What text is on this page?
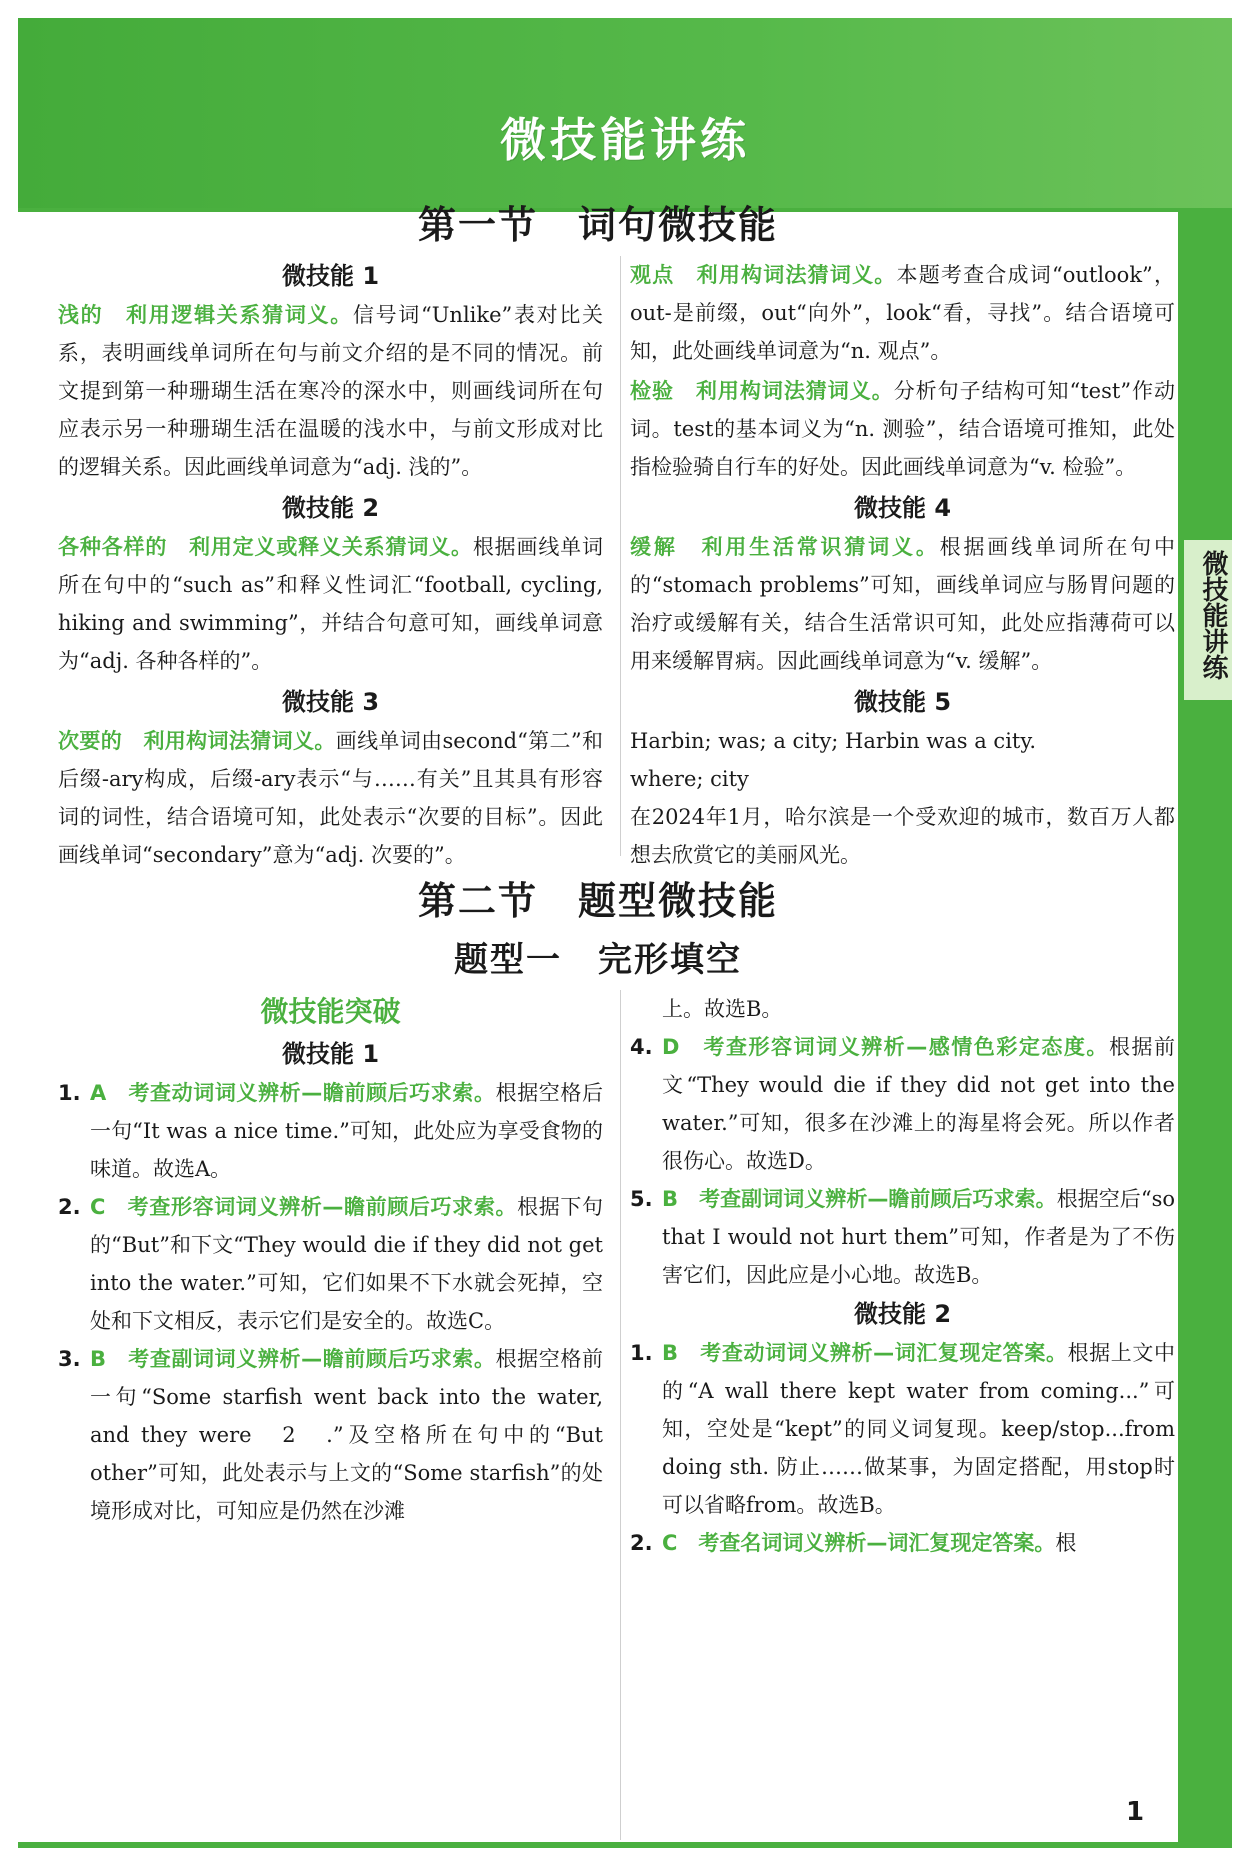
微技能讲练
微技能讲练
第一节　词句微技能
微技能 1
浅的　利用逻辑关系猜词义。信号词“Unlike”表对比关系，表明画线单词所在句与前文介绍的是不同的情况。前文提到第一种珊瑚生活在寒冷的深水中，则画线词所在句应表示另一种珊瑚生活在温暖的浅水中，与前文形成对比的逻辑关系。因此画线单词意为“adj. 浅的”。
微技能 2
各种各样的　利用定义或释义关系猜词义。根据画线单词所在句中的“such as”和释义性词汇“football, cycling, hiking and swimming”，并结合句意可知，画线单词意为“adj. 各种各样的”。
微技能 3
次要的　利用构词法猜词义。画线单词由second“第二”和后缀-ary构成，后缀-ary表示“与……有关”且其具有形容词的词性，结合语境可知，此处表示“次要的目标”。因此画线单词“secondary”意为“adj. 次要的”。
观点　利用构词法猜词义。本题考查合成词“outlook”，out-是前缀，out“向外”，look“看，寻找”。结合语境可知，此处画线单词意为“n. 观点”。
检验　利用构词法猜词义。分析句子结构可知“test”作动词。test的基本词义为“n. 测验”，结合语境可推知，此处指检验骑自行车的好处。因此画线单词意为“v. 检验”。
微技能 4
缓解　利用生活常识猜词义。根据画线单词所在句中的“stomach problems”可知，画线单词应与肠胃问题的治疗或缓解有关，结合生活常识可知，此处应指薄荷可以用来缓解胃病。因此画线单词意为“v. 缓解”。
微技能 5
Harbin; was; a city; Harbin was a city.
where; city
在2024年1月，哈尔滨是一个受欢迎的城市，数百万人都想去欣赏它的美丽风光。
第二节　题型微技能
题型一　完形填空
微技能突破
微技能 1
1. A　考查动词词义辨析—瞻前顾后巧求索。根据空格后一句“It was a nice time.”可知，此处应为享受食物的味道。故选A。
2. C　考查形容词词义辨析—瞻前顾后巧求索。根据下句的“But”和下文“They would die if they did not get into the water.”可知，它们如果不下水就会死掉，空处和下文相反，表示它们是安全的。故选C。
3. B　考查副词词义辨析—瞻前顾后巧求索。根据空格前一句“Some starfish went back into the water, and they were　2　.”及空格所在句中的“But other”可知，此处表示与上文的“Some starfish”的处境形成对比，可知应是仍然在沙滩
上。故选B。
4. D　考查形容词词义辨析—感情色彩定态度。根据前文“They would die if they did not get into the water.”可知，很多在沙滩上的海星将会死。所以作者很伤心。故选D。
5. B　考查副词词义辨析—瞻前顾后巧求索。根据空后“so that I would not hurt them”可知，作者是为了不伤害它们，因此应是小心地。故选B。
微技能 2
1. B　考查动词词义辨析—词汇复现定答案。根据上文中的“A wall there kept water from coming...”可知，空处是“kept”的同义词复现。keep/stop...from doing sth. 防止……做某事，为固定搭配，用stop时可以省略from。故选B。
2. C　考查名词词义辨析—词汇复现定答案。根
1
